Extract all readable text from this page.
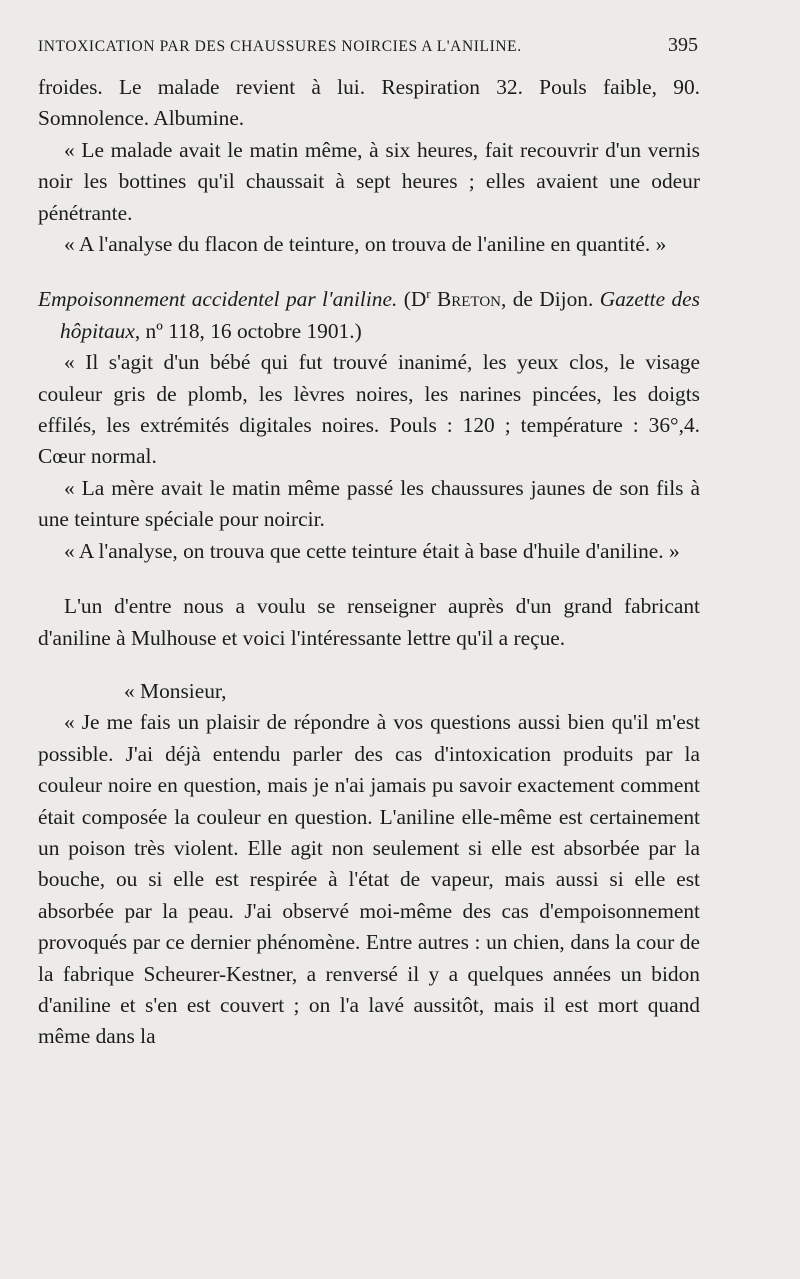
INTOXICATION PAR DES CHAUSSURES NOIRCIES A L'ANILINE.	395

froides. Le malade revient à lui. Respiration 32. Pouls faible, 90. Somnolence. Albumine.

« Le malade avait le matin même, à six heures, fait recouvrir d'un vernis noir les bottines qu'il chaussait à sept heures ; elles avaient une odeur pénétrante.

« A l'analyse du flacon de teinture, on trouva de l'aniline en quantité. »

Empoisonnement accidentel par l'aniline. ($D^r$ Breton, de Dijon. Gazette des hôpitaux, nº 118, 16 octobre 1901.)

« Il s'agit d'un bébé qui fut trouvé inanimé, les yeux clos, le visage couleur gris de plomb, les lèvres noires, les narines pincées, les doigts effilés, les extrémités digitales noires. Pouls : 120 ; température : 36°,4. Cœur normal.

« La mère avait le matin même passé les chaussures jaunes de son fils à une teinture spéciale pour noircir.

« A l'analyse, on trouva que cette teinture était à base d'huile d'aniline. »

L'un d'entre nous a voulu se renseigner auprès d'un grand fabricant d'aniline à Mulhouse et voici l'intéressante lettre qu'il a reçue.

« Monsieur,

« Je me fais un plaisir de répondre à vos questions aussi bien qu'il m'est possible. J'ai déjà entendu parler des cas d'intoxication produits par la couleur noire en question, mais je n'ai jamais pu savoir exactement comment était composée la couleur en question. L'aniline elle-même est certainement un poison très violent. Elle agit non seulement si elle est absorbée par la bouche, ou si elle est respirée à l'état de vapeur, mais aussi si elle est absorbée par la peau. J'ai observé moi-même des cas d'empoisonnement provoqués par ce dernier phénomène. Entre autres : un chien, dans la cour de la fabrique Scheurer-Kestner, a renversé il y a quelques années un bidon d'aniline et s'en est couvert ; on l'a lavé aussitôt, mais il est mort quand même dans la
